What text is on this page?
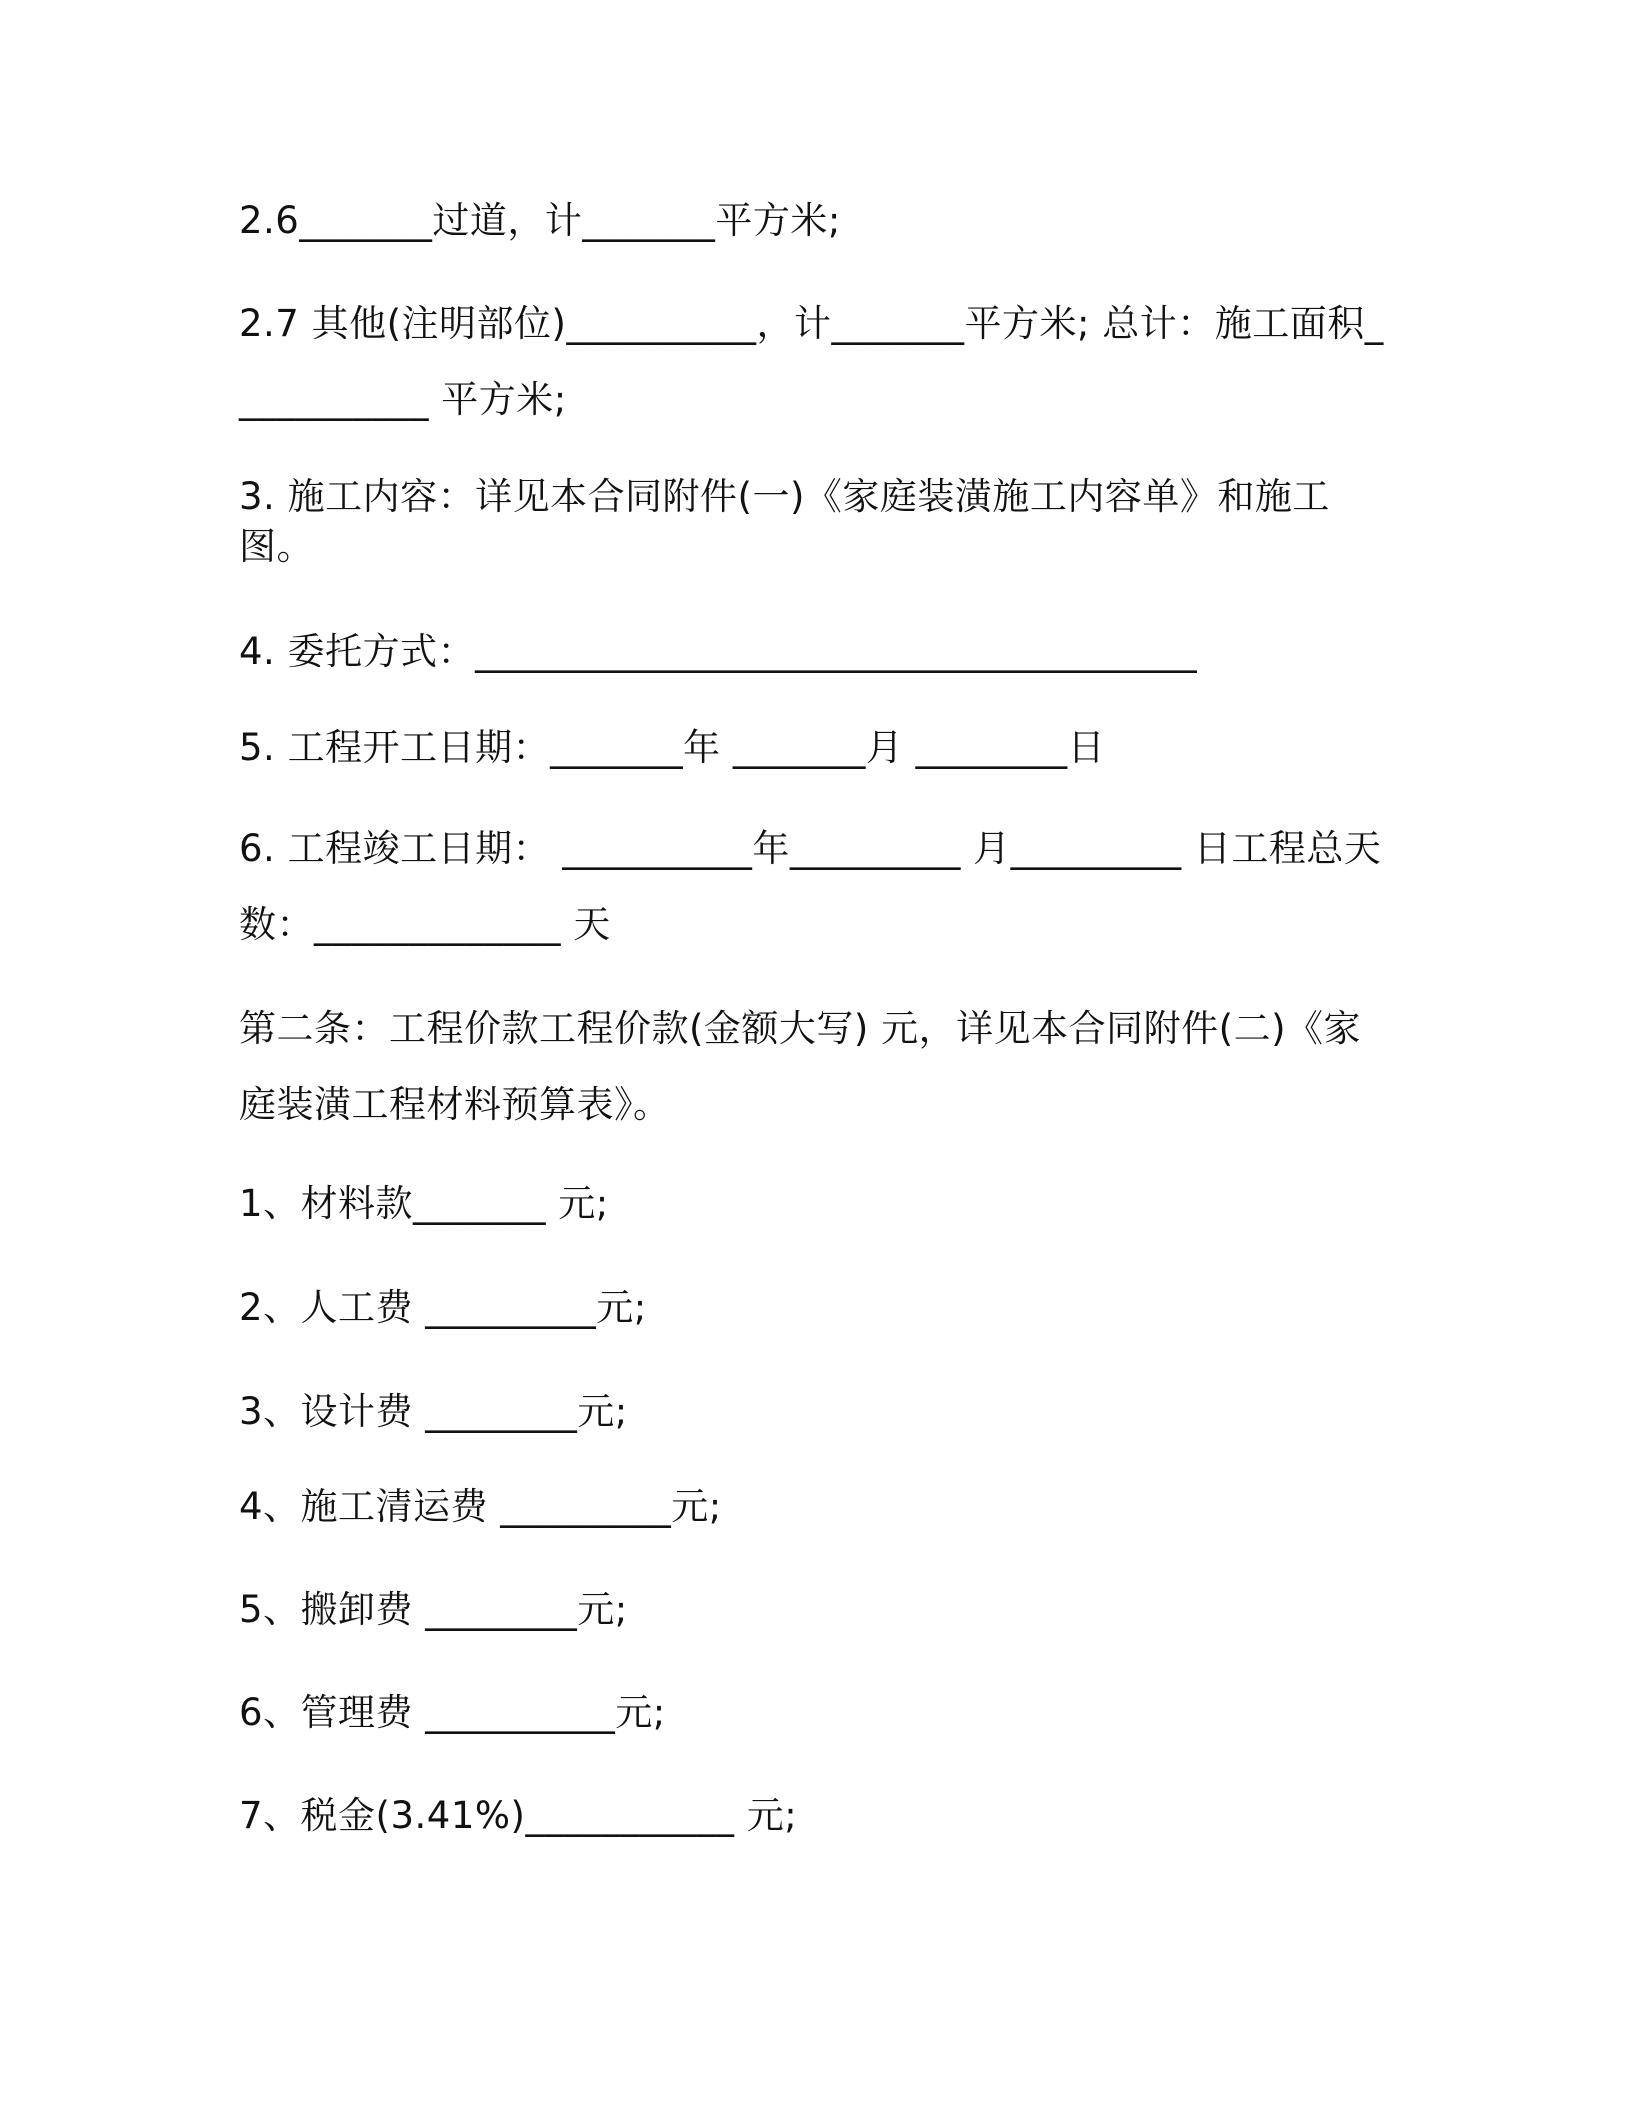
2.6_______过道，计_______平方米;

2.7 其他(注明部位)__________，计_______平方米; 总计：施工面积___________ 平方米;

3. 施工内容：详见本合同附件(一)《家庭装潢施工内容单》和施工图。

4. 委托方式：______________________________________

5. 工程开工日期：_______年 _______月 ________日

6. 工程竣工日期： __________年_________ 月_________ 日工程总天数：_____________ 天

第二条：工程价款工程价款(金额大写) 元，详见本合同附件(二)《家庭装潢工程材料预算表》。

1、材料款_______ 元;

2、人工费 _________元;

3、设计费 ________元;

4、施工清运费 _________元;

5、搬卸费 ________元;

6、管理费 __________元;

7、税金(3.41%)___________ 元;
